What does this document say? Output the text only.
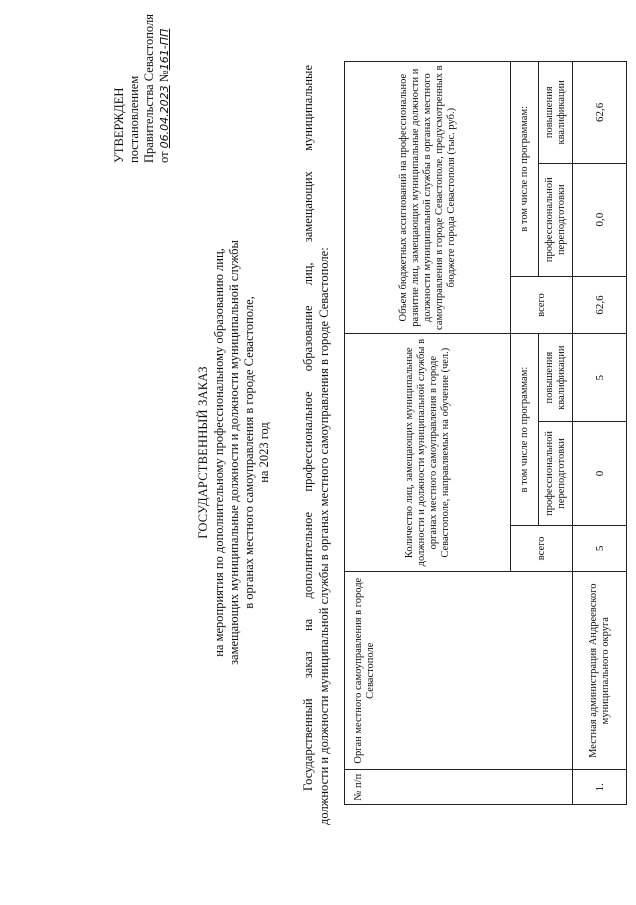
УТВЕРЖДЕН постановлением Правительства Севастополя от 06.04.2023 №161-ПП
ГОСУДАРСТВЕННЫЙ ЗАКАЗ на мероприятия по дополнительному профессиональному образованию лиц, замещающих муниципальные должности и должности муниципальной службы в органах местного самоуправления в городе Севастополе, на 2023 год Государственный заказ на дополнительное профессиональное образование лиц, замещающих муниципальные должности и должности муниципальной службы в органах местного самоуправления в городе Севастополе: № п/п	Орган местного самоуправления в городе Севастополе	Количество лиц, замещающих муниципальные должности и должности муниципальной службы в органах местного самоуправления в городе Севастополе, направляемых на обучение (чел.)			Объем бюджетных ассигнований на профессиональное развитие лиц, замещающих муниципальные должности и должности муниципальной службы в органах местного самоуправления в городе Севастополе, предусмотренных в бюджете города Севастополя (тыс. руб.)		
		всего	в том числе по программам:		всего	в том числе по программам:	
			профессиональной переподготовки	повышения квалификации		профессиональной переподготовки	повышения квалификации
1.	Местная администрация Андреевского муниципального округа	5	0	5	62,6	0,0	62,6
